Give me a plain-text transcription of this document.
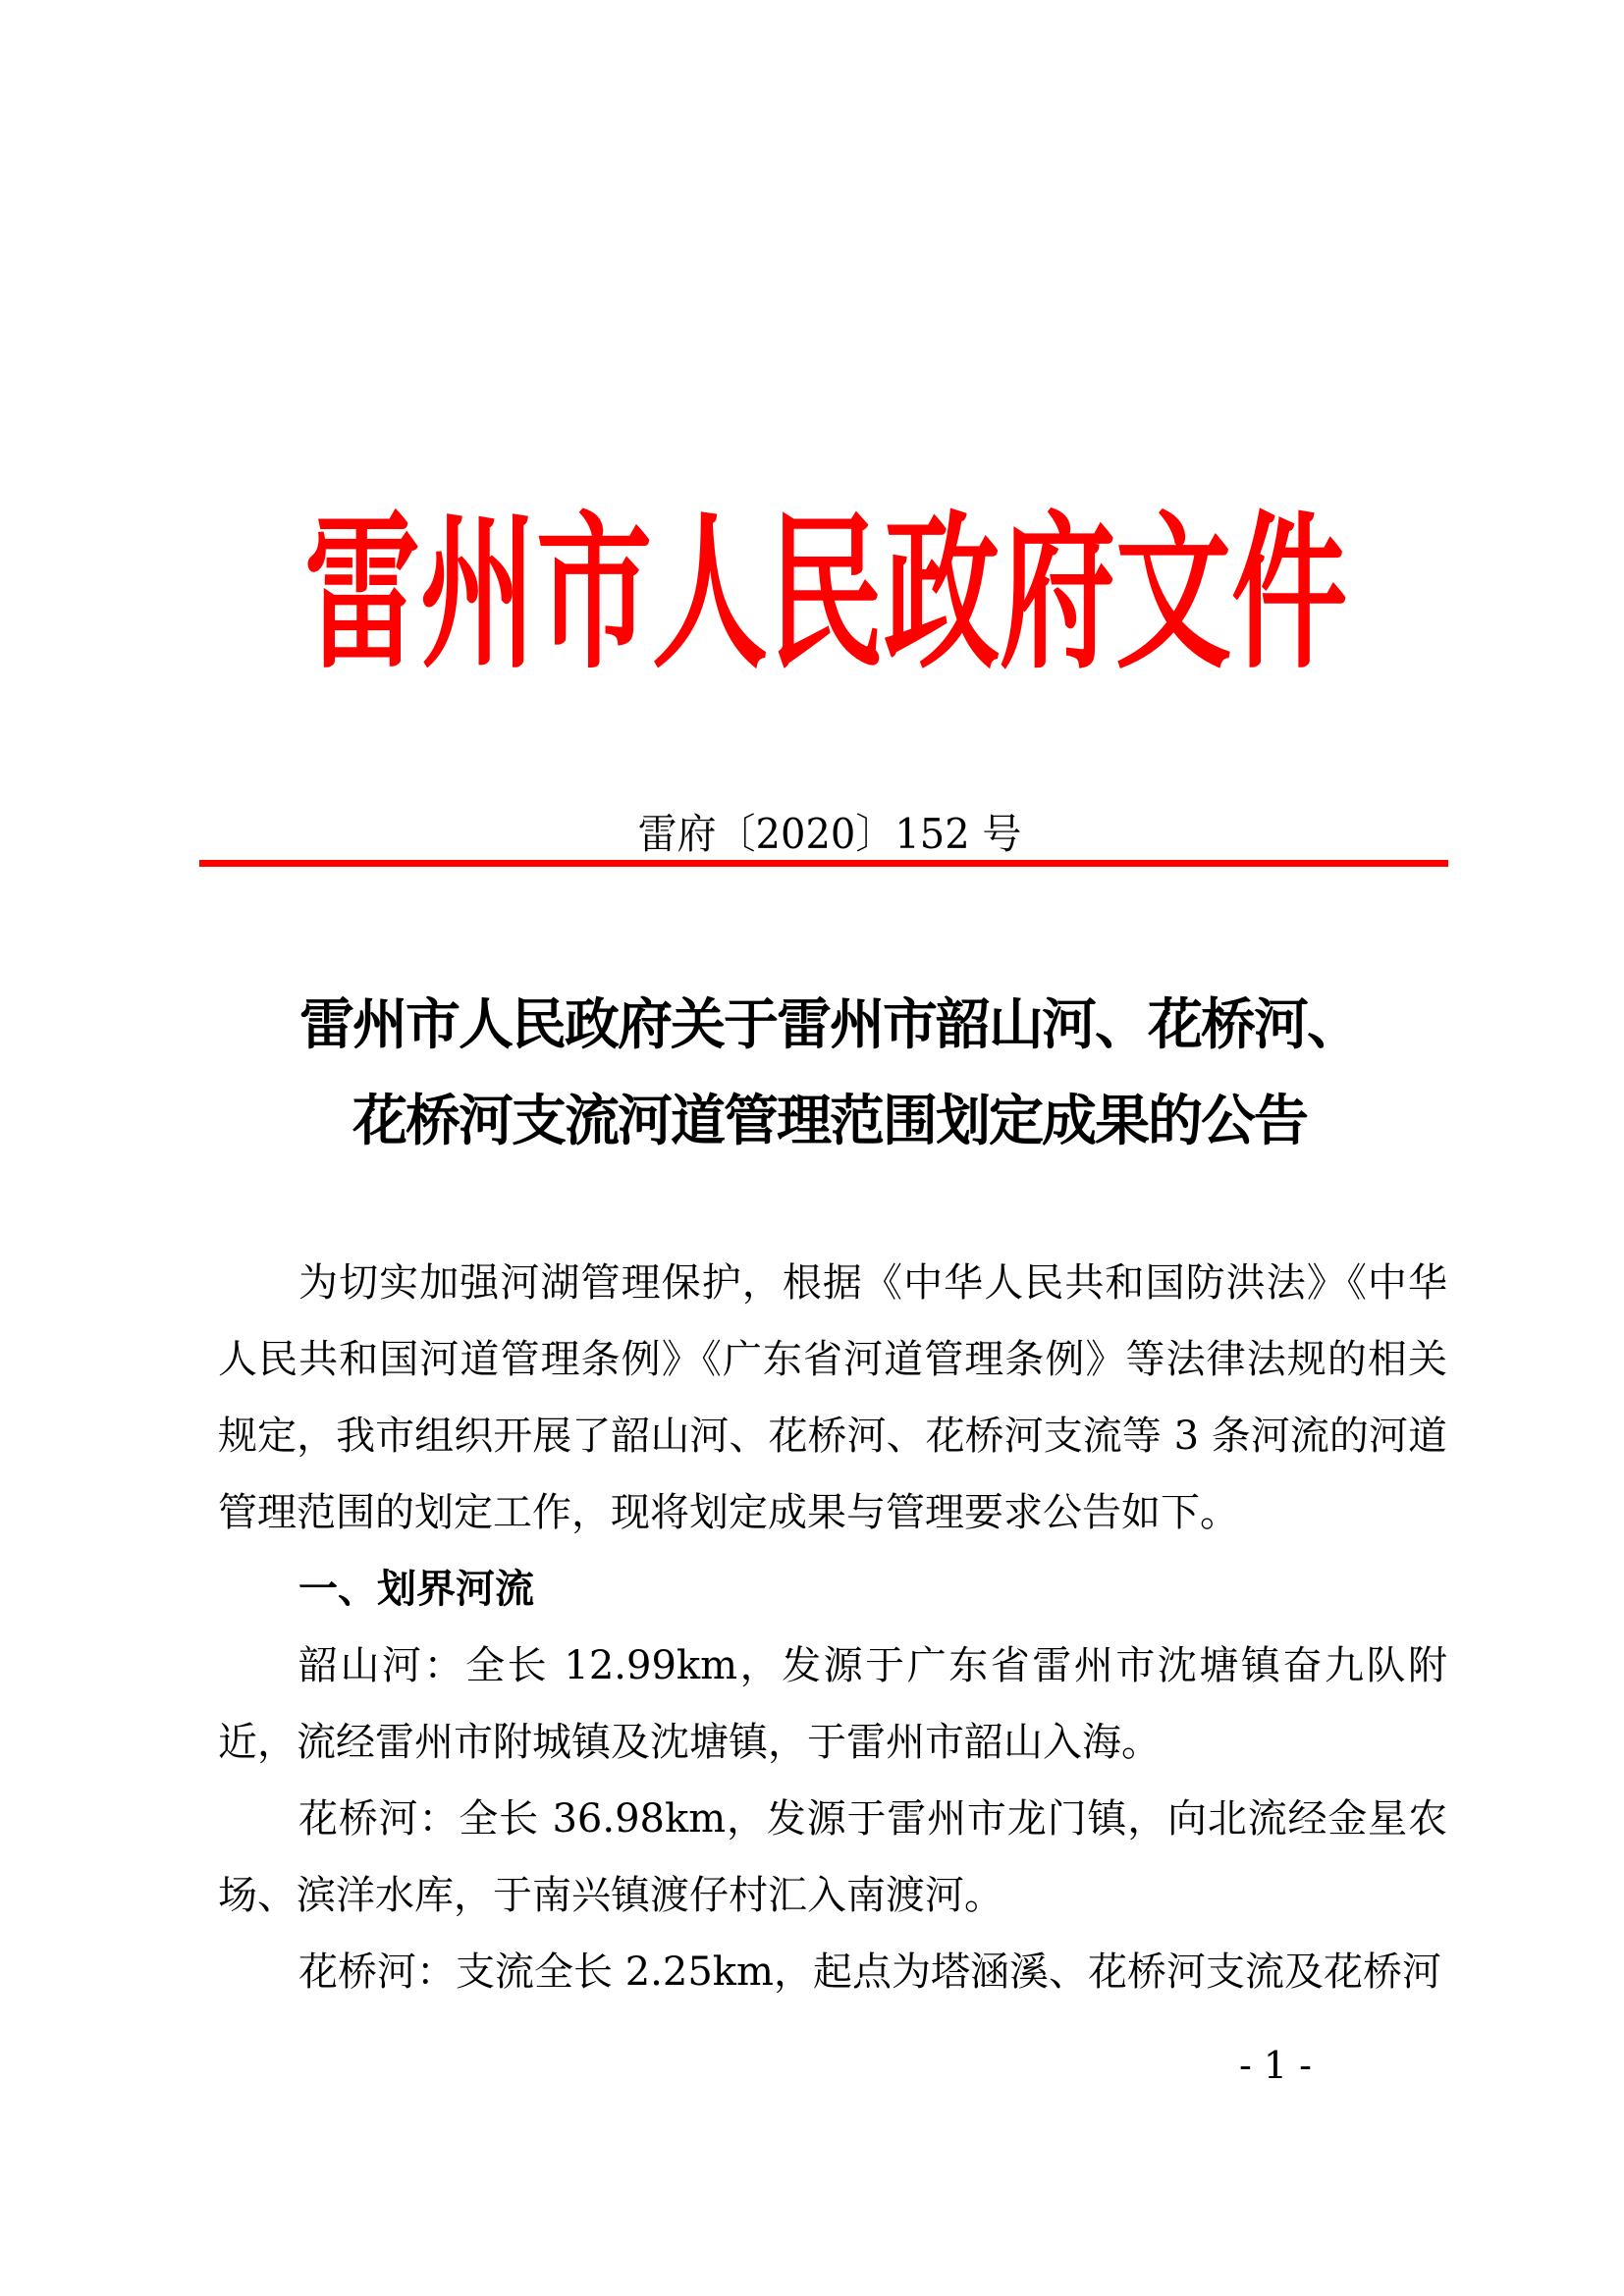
雷 州 市 人 民 政 府 文 件
雷府〔2020〕152 号
雷州市人民政府关于雷州市韶山河、花桥河、
花桥河支流河道管理范围划定成果的公告

为切实加强河湖管理保护，根据《中华人民共和国防洪法》《中华人民共和国河道管理条例》《广东省河道管理条例》等法律法规的相关规定，我市组织开展了韶山河、花桥河、花桥河支流等 3 条河流的河道管理范围的划定工作，现将划定成果与管理要求公告如下。

一、划界河流

韶山河：全长 12.99km，发源于广东省雷州市沈塘镇奋九队附近，流经雷州市附城镇及沈塘镇，于雷州市韶山入海。

花桥河：全长 36.98km，发源于雷州市龙门镇，向北流经金星农场、滨洋水库，于南兴镇渡仔村汇入南渡河。

花桥河：支流全长 2.25km，起点为塔涵溪、花桥河支流及花桥河

- 1 -
